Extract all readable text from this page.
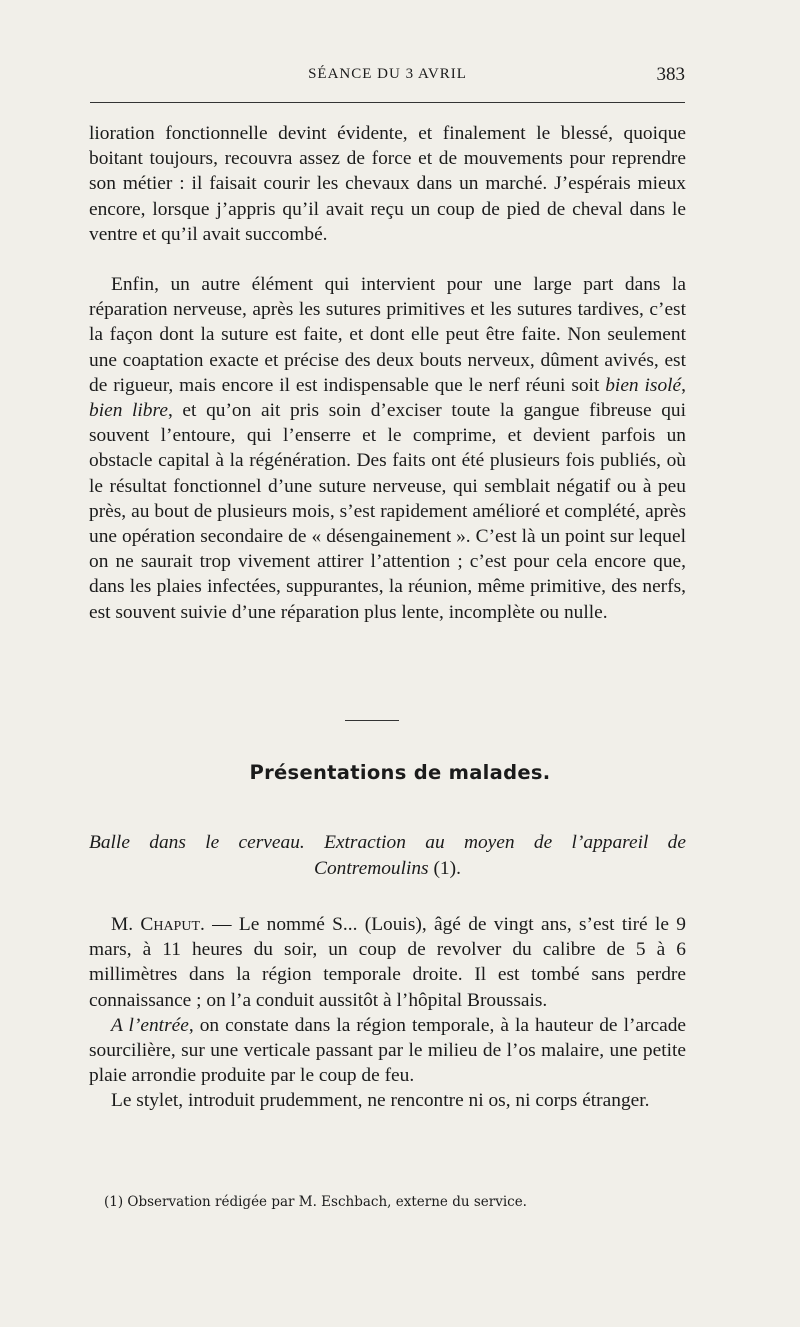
SÉANCE DU 3 AVRIL	383

lioration fonctionnelle devint évidente, et finalement le blessé, quoique boitant toujours, recouvra assez de force et de mouvements pour reprendre son métier : il faisait courir les chevaux dans un marché. J’espérais mieux encore, lorsque j’appris qu’il avait reçu un coup de pied de cheval dans le ventre et qu’il avait succombé.

Enfin, un autre élément qui intervient pour une large part dans la réparation nerveuse, après les sutures primitives et les sutures tardives, c’est la façon dont la suture est faite, et dont elle peut être faite. Non seulement une coaptation exacte et précise des deux bouts nerveux, dûment avivés, est de rigueur, mais encore il est indispensable que le nerf réuni soit bien isolé, bien libre, et qu’on ait pris soin d’exciser toute la gangue fibreuse qui souvent l’entoure, qui l’enserre et le comprime, et devient parfois un obstacle capital à la régénération. Des faits ont été plusieurs fois publiés, où le résultat fonctionnel d’une suture nerveuse, qui semblait négatif ou à peu près, au bout de plusieurs mois, s’est rapidement amélioré et complété, après une opération secondaire de « désengainement ». C’est là un point sur lequel on ne saurait trop vivement attirer l’attention ; c’est pour cela encore que, dans les plaies infectées, suppurantes, la réunion, même primitive, des nerfs, est souvent suivie d’une réparation plus lente, incomplète ou nulle.

Présentations de malades.

Balle dans le cerveau. Extraction au moyen de l’appareil de

Contremoulins (1).

M. Chaput. — Le nommé S... (Louis), âgé de vingt ans, s’est tiré le 9 mars, à 11 heures du soir, un coup de revolver du calibre de 5 à 6 millimètres dans la région temporale droite. Il est tombé sans perdre connaissance ; on l’a conduit aussitôt à l’hôpital Broussais.

A l’entrée, on constate dans la région temporale, à la hauteur de l’arcade sourcilière, sur une verticale passant par le milieu de l’os malaire, une petite plaie arrondie produite par le coup de feu.

Le stylet, introduit prudemment, ne rencontre ni os, ni corps étranger.

(1) Observation rédigée par M. Eschbach, externe du service.
